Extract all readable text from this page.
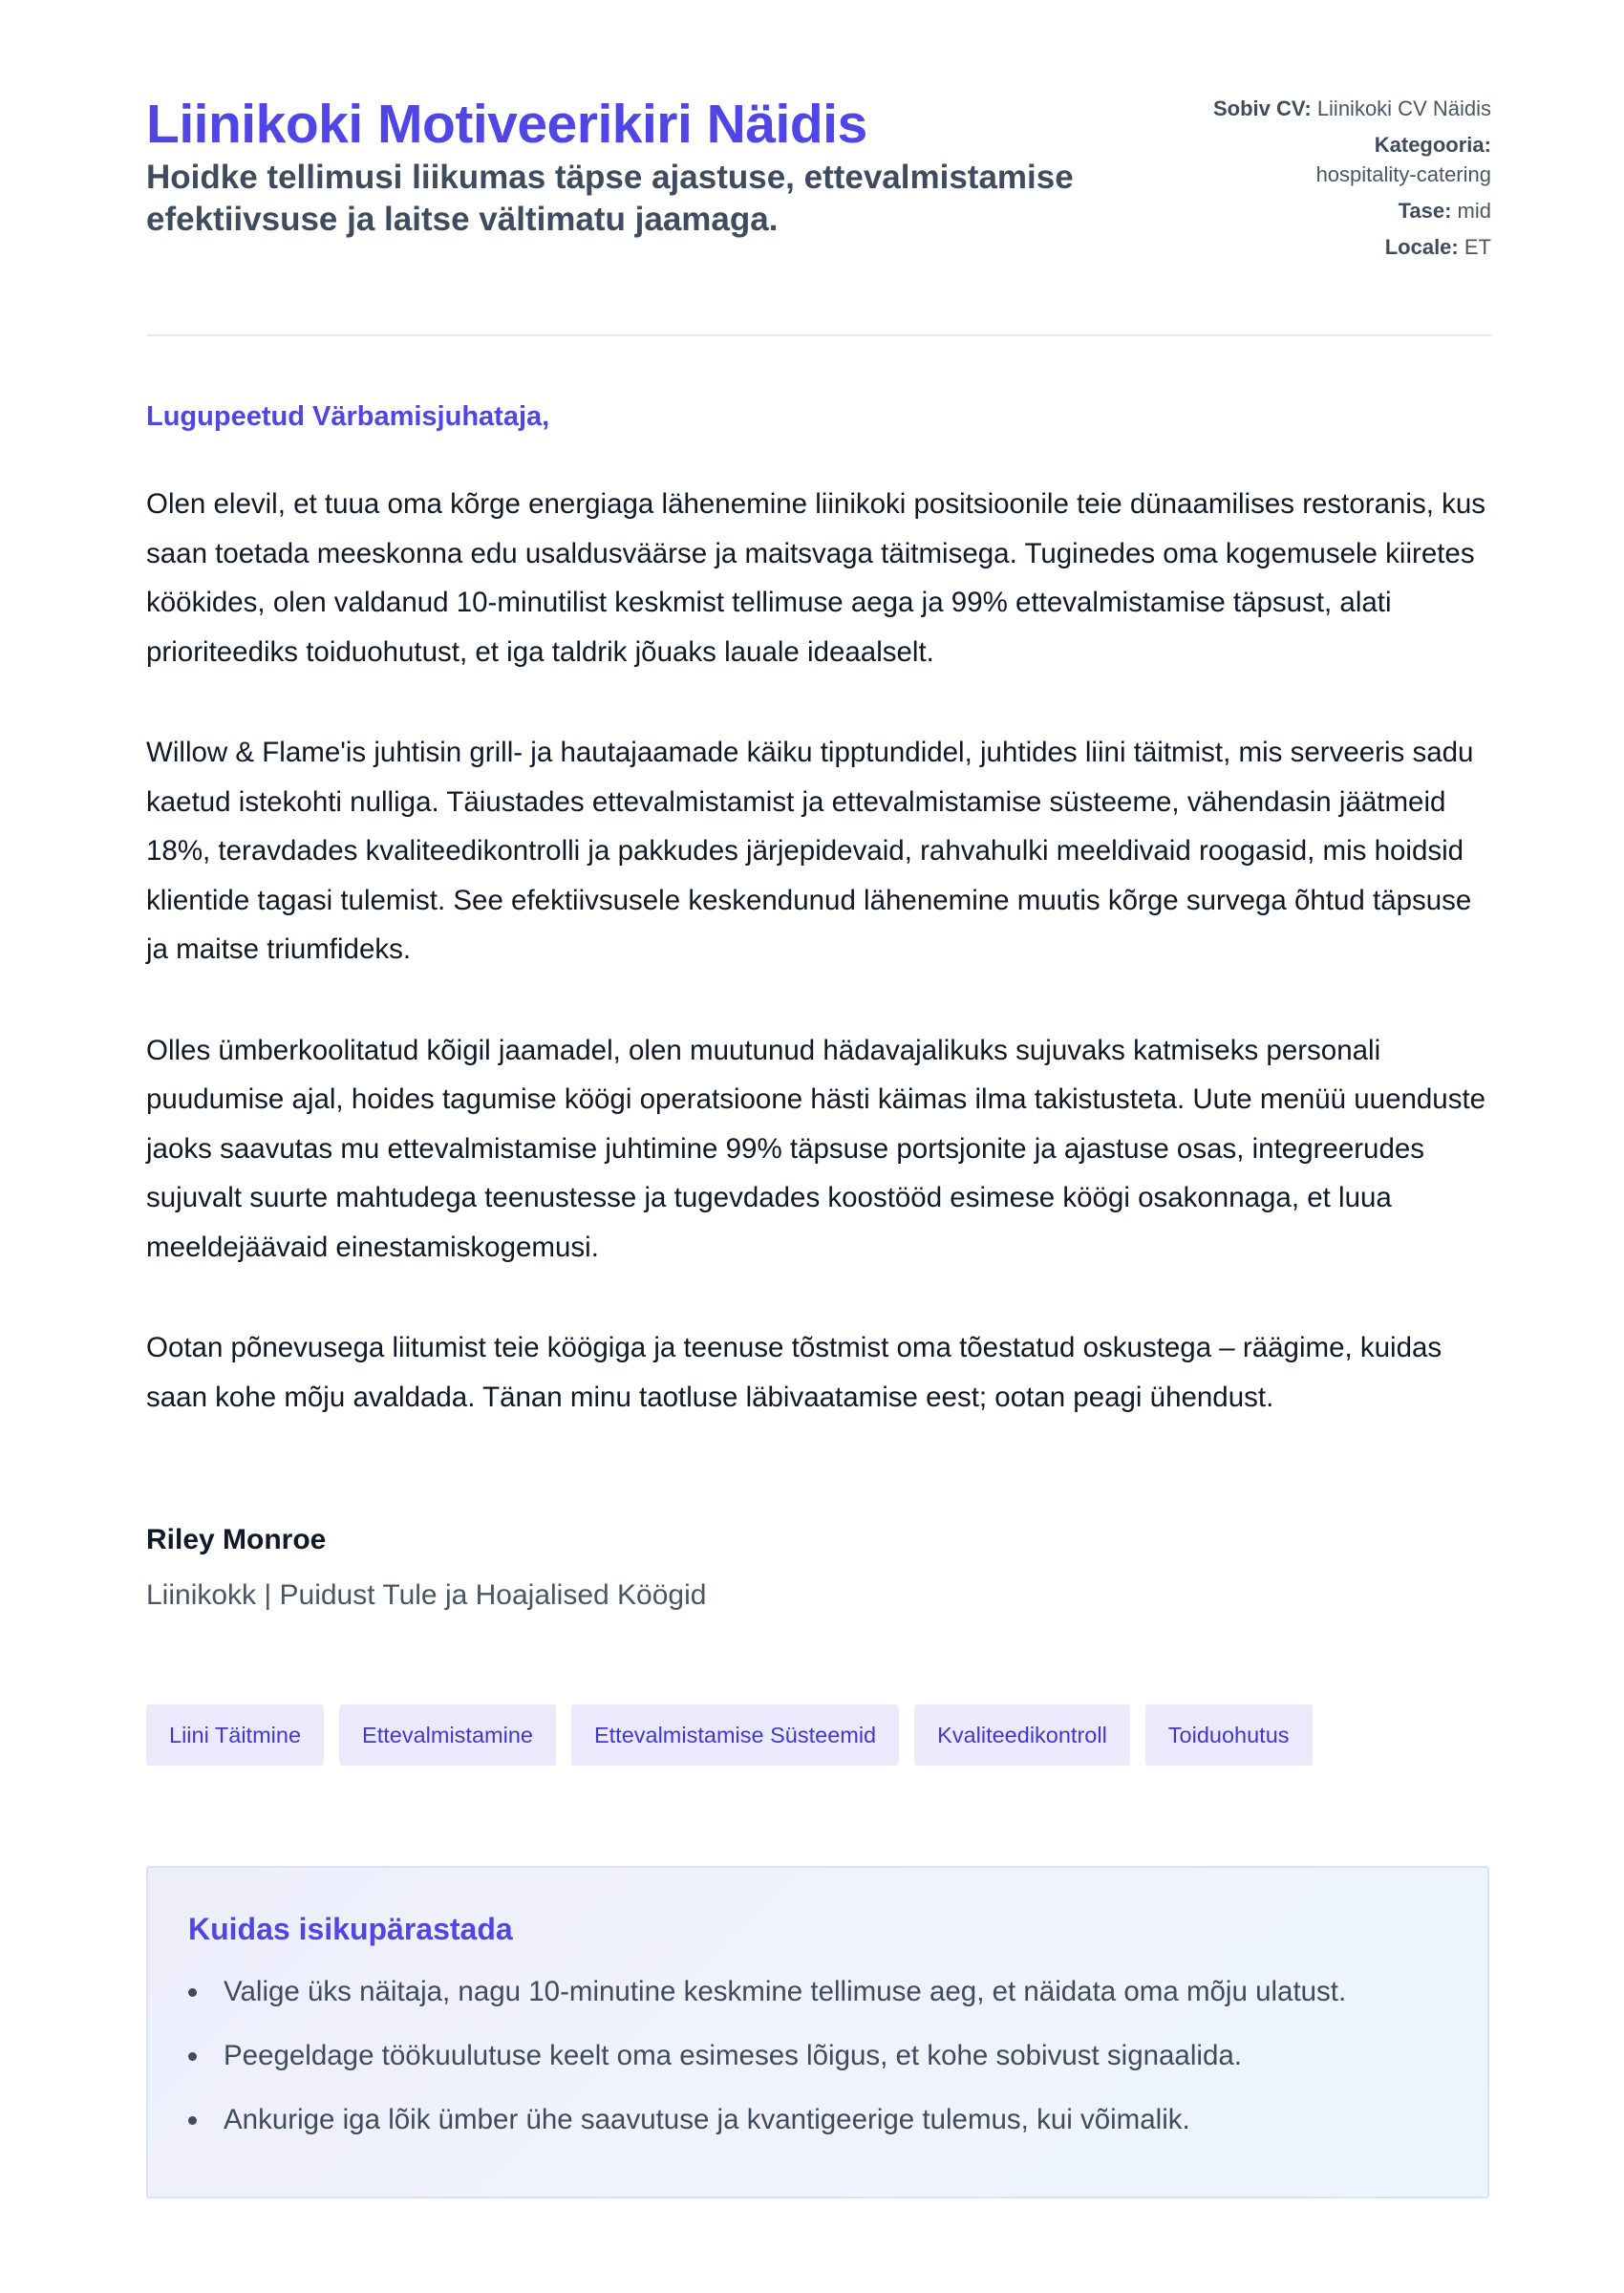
Liinikoki Motiveerikiri Näidis
Hoidke tellimusi liikumas täpse ajastuse, ettevalmistamise efektiivsuse ja laitse vältimatu jaamaga.
Sobiv CV: Liinikoki CV Näidis
Kategooria:
hospitality-catering
Tase: mid
Locale: ET

Lugupeetud Värbamisjuhataja,

Olen elevil, et tuua oma kõrge energiaga lähenemine liinikoki positsioonile teie dünaamilises restoranis, kus saan toetada meeskonna edu usaldusväärse ja maitsvaga täitmisega. Tuginedes oma kogemusele kiiretes köökides, olen valdanud 10-minutilist keskmist tellimuse aega ja 99% ettevalmistamise täpsust, alati prioriteediks toiduohutust, et iga taldrik jõuaks lauale ideaalselt.

Willow & Flame'is juhtisin grill- ja hautajaamade käiku tipptundidel, juhtides liini täitmist, mis serveeris sadu kaetud istekohti nulliga. Täiustades ettevalmistamist ja ettevalmistamise süsteeme, vähendasin jäätmeid 18%, teravdades kvaliteedikontrolli ja pakkudes järjepidevaid, rahvahulki meeldivaid roogasid, mis hoidsid klientide tagasi tulemist. See efektiivsusele keskendunud lähenemine muutis kõrge survega õhtud täpsuse ja maitse triumfideks.

Olles ümberkoolitatud kõigil jaamadel, olen muutunud hädavajalikuks sujuvaks katmiseks personali puudumise ajal, hoides tagumise köögi operatsioone hästi käimas ilma takistusteta. Uute menüü uuenduste jaoks saavutas mu ettevalmistamise juhtimine 99% täpsuse portsjonite ja ajastuse osas, integreerudes sujuvalt suurte mahtudega teenustesse ja tugevdades koostööd esimese köögi osakonnaga, et luua meeldejäävaid einestamiskogemusi.

Ootan põnevusega liitumist teie köögiga ja teenuse tõstmist oma tõestatud oskustega – räägime, kuidas saan kohe mõju avaldada. Tänan minu taotluse läbivaatamise eest; ootan peagi ühendust.

Riley Monroe

Liinikokk | Puidust Tule ja Hoajalised Köögid

Liini Täitmine	Ettevalmistamine	Ettevalmistamise Süsteemid	Kvaliteedikontroll	Toiduohutus
Kuidas isikupärastada
Valige üks näitaja, nagu 10-minutine keskmine tellimuse aeg, et näidata oma mõju ulatust.
Peegeldage töökuulutuse keelt oma esimeses lõigus, et kohe sobivust signaalida.
Ankurige iga lõik ümber ühe saavutuse ja kvantigeerige tulemus, kui võimalik.
